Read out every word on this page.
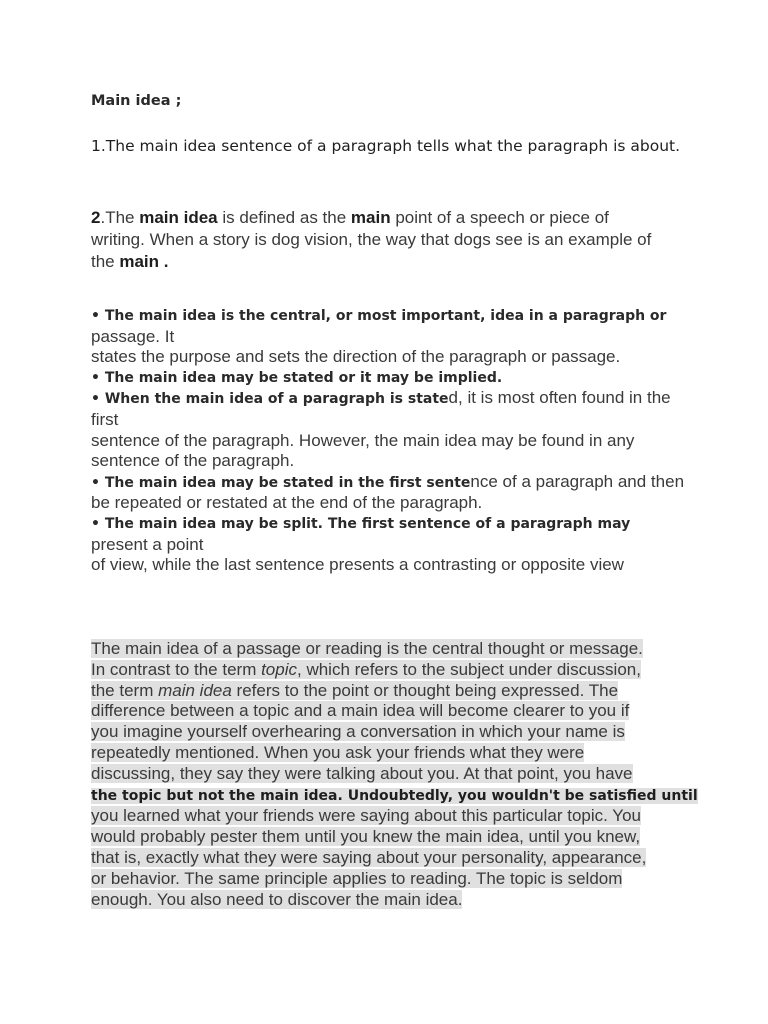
Main idea ;

1.The main idea sentence of a paragraph tells what the paragraph is about.

2.The main idea is defined as the main point of a speech or piece of
writing. When a story is dog vision, the way that dogs see is an example of
the main .
• The main idea is the central, or most important, idea in a paragraph or
passage. It
states the purpose and sets the direction of the paragraph or passage.
• The main idea may be stated or it may be implied.
• When the main idea of a paragraph is stated, it is most often found in the
first
sentence of the paragraph. However, the main idea may be found in any
sentence of the paragraph.
• The main idea may be stated in the first sentence of a paragraph and then
be repeated or restated at the end of the paragraph.
• The main idea may be split. The first sentence of a paragraph may
present a point
of view, while the last sentence presents a contrasting or opposite view
The main idea of a passage or reading is the central thought or message.
In contrast to the term topic, which refers to the subject under discussion,
the term main idea refers to the point or thought being expressed. The
difference between a topic and a main idea will become clearer to you if
you imagine yourself overhearing a conversation in which your name is
repeatedly mentioned. When you ask your friends what they were
discussing, they say they were talking about you. At that point, you have
the topic but not the main idea. Undoubtedly, you wouldn't be satisfied until
you learned what your friends were saying about this particular topic. You
would probably pester them until you knew the main idea, until you knew,
that is, exactly what they were saying about your personality, appearance,
or behavior. The same principle applies to reading. The topic is seldom
enough. You also need to discover the main idea.
